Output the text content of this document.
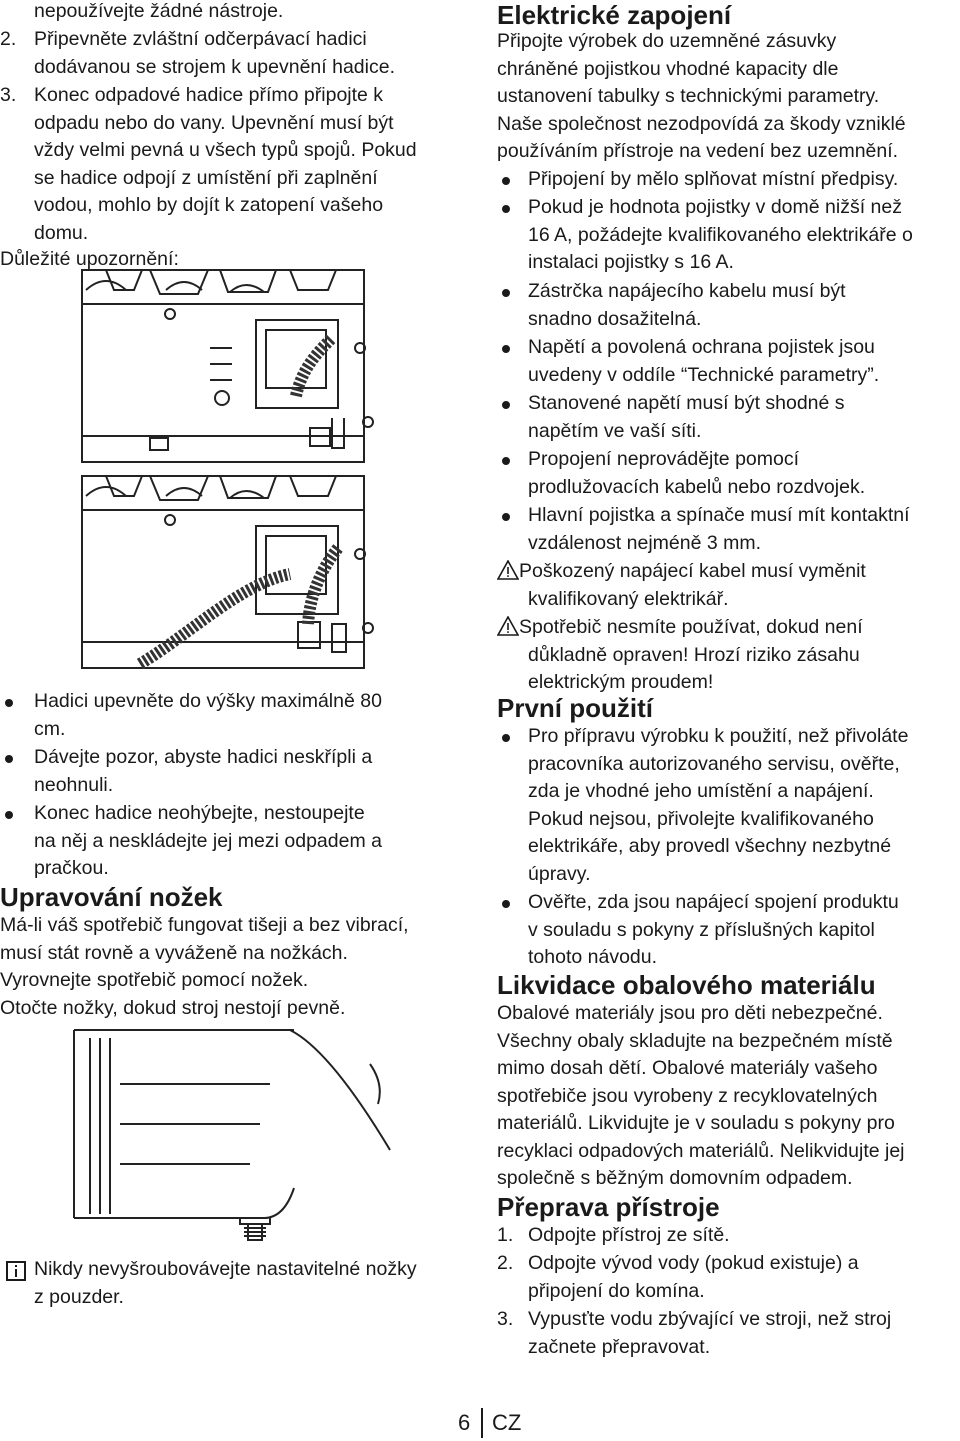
nepoužívejte žádné nástroje.

2. Připevněte zvláštní odčerpávací hadici

dodávanou se strojem k upevnění hadice.

3. Konec odpadové hadice přímo připojte k

odpadu nebo do vany. Upevnění musí být

vždy velmi pevná u všech typů spojů. Pokud

se hadice odpojí z umístění při zaplnění

vodou, mohlo by dojít k zatopení vašeho

domu.

Důležité upozornění:

Hadici upevněte do výšky maximálně 80

cm.

Dávejte pozor, abyste hadici neskřípli a

neohnuli.

Konec hadice neohýbejte, nestoupejte

na něj a neskládejte jej mezi odpadem a

pračkou.

Upravování nožek

Má-li váš spotřebič fungovat tišeji a bez vibrací,

musí stát rovně a vyváženě na nožkách.

Vyrovnejte spotřebič pomocí nožek.

Otočte nožky, dokud stroj nestojí pevně.

Nikdy nevyšroubovávejte nastavitelné nožky

z pouzder.

Elektrické zapojení

Připojte výrobek do uzemněné zásuvky

chráněné pojistkou vhodné kapacity dle

ustanovení tabulky s technickými parametry.

Naše společnost nezodpovídá za škody vzniklé

používáním přístroje na vedení bez uzemnění.

Připojení by mělo splňovat místní předpisy.

Pokud je hodnota pojistky v domě nižší než

16 A, požádejte kvalifikovaného elektrikáře o

instalaci pojistky s 16 A.

Zástrčka napájecího kabelu musí být

snadno dosažitelná.

Napětí a povolená ochrana pojistek jsou

uvedeny v oddíle “Technické parametry”.

Stanovené napětí musí být shodné s

napětím ve vaší síti.

Propojení neprovádějte pomocí

prodlužovacích kabelů nebo rozdvojek.

Hlavní pojistka a spínače musí mít kontaktní

vzdálenost nejméně 3 mm.

Poškozený napájecí kabel musí vyměnit

kvalifikovaný elektrikář.

Spotřebič nesmíte používat, dokud není

důkladně opraven! Hrozí riziko zásahu

elektrickým proudem!

První použití

Pro přípravu výrobku k použití, než přivoláte

pracovníka autorizovaného servisu, ověřte,

zda je vhodné jeho umístění a napájení.

Pokud nejsou, přivolejte kvalifikovaného

elektrikáře, aby provedl všechny nezbytné

úpravy.

Ověřte, zda jsou napájecí spojení produktu

v souladu s pokyny z příslušných kapitol

tohoto návodu.

Likvidace obalového materiálu

Obalové materiály jsou pro děti nebezpečné.

Všechny obaly skladujte na bezpečném místě

mimo dosah dětí. Obalové materiály vašeho

spotřebiče jsou vyrobeny z recyklovatelných

materiálů. Likvidujte je v souladu s pokyny pro

recyklaci odpadových materiálů. Nelikvidujte jej

společně s běžným domovním odpadem.

Přeprava přístroje

1. Odpojte přístroj ze sítě.

2. Odpojte vývod vody (pokud existuje) a

připojení do komína.

3. Vypusťte vodu zbývající ve stroji, než stroj

začnete přepravovat.

6 CZ
